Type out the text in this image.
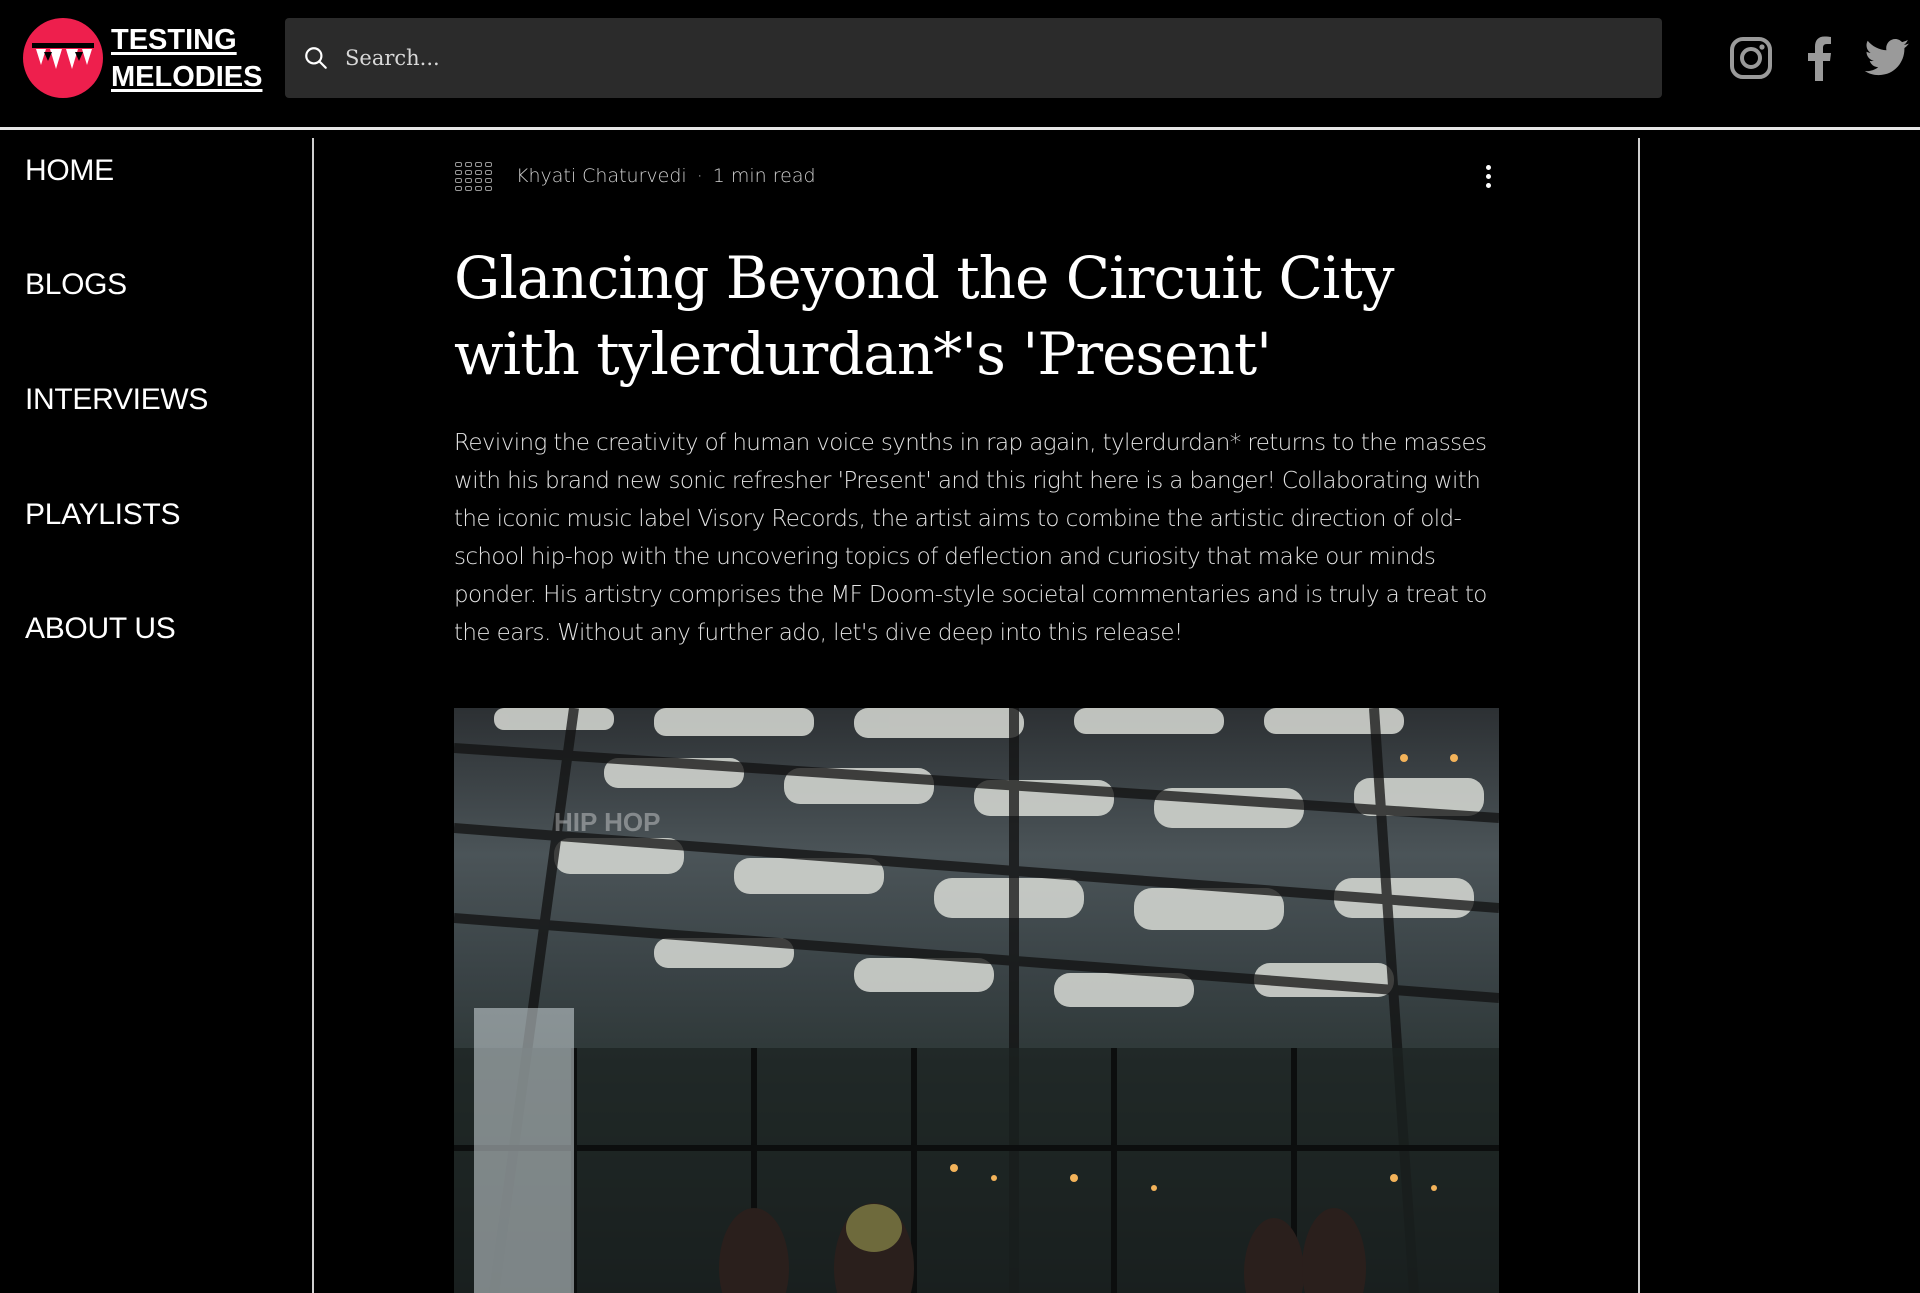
TESTING
MELODIES
Search...
HOME
BLOGS
INTERVIEWS
PLAYLISTS
ABOUT US
Khyati Chaturvedi · 1 min read
Glancing Beyond the Circuit City with tylerdurdan*'s 'Present'

Reviving the creativity of human voice synths in rap again, tylerdurdan* returns to the masses with his brand new sonic refresher 'Present' and this right here is a banger! Collaborating with the iconic music label Visory Records, the artist aims to combine the artistic direction of old-school hip-hop with the uncovering topics of deflection and curiosity that make our minds ponder. His artistry comprises the MF Doom-style societal commentaries and is truly a treat to the ears. Without any further ado, let's dive deep into this release!

HIP HOP
